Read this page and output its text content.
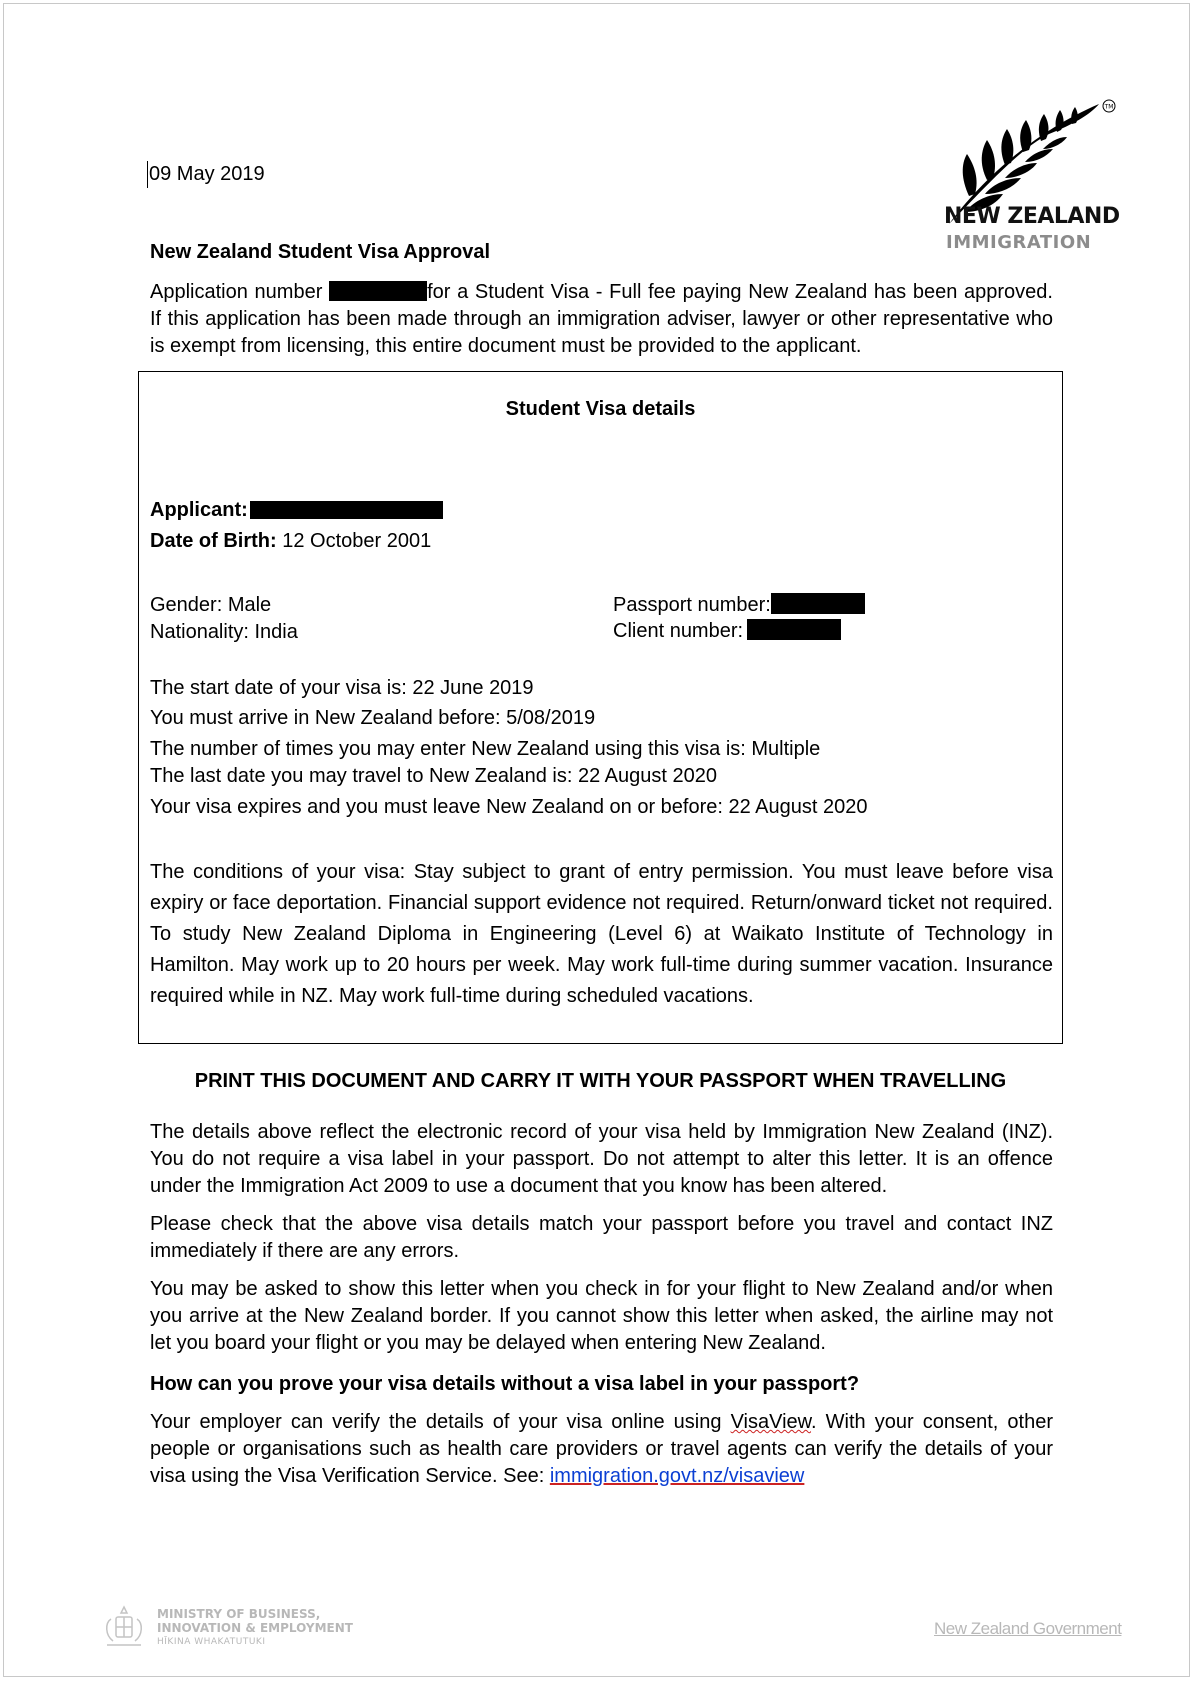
TM
NEW ZEALAND
IMMIGRATION
09 May 2019
New Zealand Student Visa Approval
Application number	for a Student Visa - Full fee paying New Zealand has been approved. If this application has been made through an immigration adviser, lawyer or other representative who is exempt from licensing, this entire document must be provided to the applicant.
Student Visa details
Applicant:
Date of Birth: 12 October 2001
Gender: Male
Nationality: India
Passport number:
Client number:
The start date of your visa is: 22 June 2019
You must arrive in New Zealand before: 5/08/2019
The number of times you may enter New Zealand using this visa is: Multiple
The last date you may travel to New Zealand is: 22 August 2020
Your visa expires and you must leave New Zealand on or before: 22 August 2020
The conditions of your visa: Stay subject to grant of entry permission. You must leave before visa expiry or face deportation. Financial support evidence not required. Return/onward ticket not required. To study New Zealand Diploma in Engineering (Level 6) at Waikato Institute of Technology in Hamilton. May work up to 20 hours per week. May work full-time during summer vacation. Insurance required while in NZ. May work full-time during scheduled vacations.
PRINT THIS DOCUMENT AND CARRY IT WITH YOUR PASSPORT WHEN TRAVELLING
The details above reflect the electronic record of your visa held by Immigration New Zealand (INZ). You do not require a visa label in your passport. Do not attempt to alter this letter. It is an offence under the Immigration Act 2009 to use a document that you know has been altered.
Please check that the above visa details match your passport before you travel and contact INZ immediately if there are any errors.
You may be asked to show this letter when you check in for your flight to New Zealand and/or when you arrive at the New Zealand border. If you cannot show this letter when asked, the airline may not let you board your flight or you may be delayed when entering New Zealand.
How can you prove your visa details without a visa label in your passport?
Your employer can verify the details of your visa online using VisaView. With your consent, other people or organisations such as health care providers or travel agents can verify the details of your visa using the Visa Verification Service. See: immigration.govt.nz/visaview
MINISTRY OF BUSINESS,
INNOVATION & EMPLOYMENT
HĪKINA WHAKATUTUKI
New Zealand Government
